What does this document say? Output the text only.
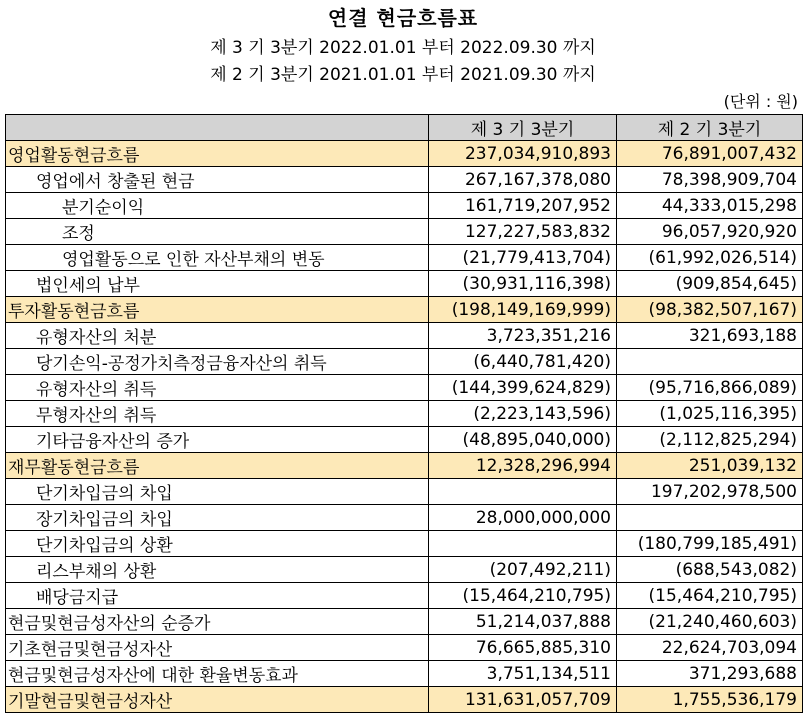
연결 현금흐름표
제 3 기 3분기 2022.01.01 부터 2022.09.30 까지
제 2 기 3분기 2021.01.01 부터 2021.09.30 까지
(단위 : 원)
	제 3 기 3분기	제 2 기 3분기
영업활동현금흐름	237,034,910,893	76,891,007,432
영업에서 창출된 현금	267,167,378,080	78,398,909,704
분기순이익	161,719,207,952	44,333,015,298
조정	127,227,583,832	96,057,920,920
영업활동으로 인한 자산부채의 변동	(21,779,413,704)	(61,992,026,514)
법인세의 납부	(30,931,116,398)	(909,854,645)
투자활동현금흐름	(198,149,169,999)	(98,382,507,167)
유형자산의 처분	3,723,351,216	321,693,188
당기손익-공정가치측정금융자산의 취득	(6,440,781,420)	
유형자산의 취득	(144,399,624,829)	(95,716,866,089)
무형자산의 취득	(2,223,143,596)	(1,025,116,395)
기타금융자산의 증가	(48,895,040,000)	(2,112,825,294)
재무활동현금흐름	12,328,296,994	251,039,132
단기차입금의 차입		197,202,978,500
장기차입금의 차입	28,000,000,000	
단기차입금의 상환		(180,799,185,491)
리스부채의 상환	(207,492,211)	(688,543,082)
배당금지급	(15,464,210,795)	(15,464,210,795)
현금및현금성자산의 순증가	51,214,037,888	(21,240,460,603)
기초현금및현금성자산	76,665,885,310	22,624,703,094
현금및현금성자산에 대한 환율변동효과	3,751,134,511	371,293,688
기말현금및현금성자산	131,631,057,709	1,755,536,179
